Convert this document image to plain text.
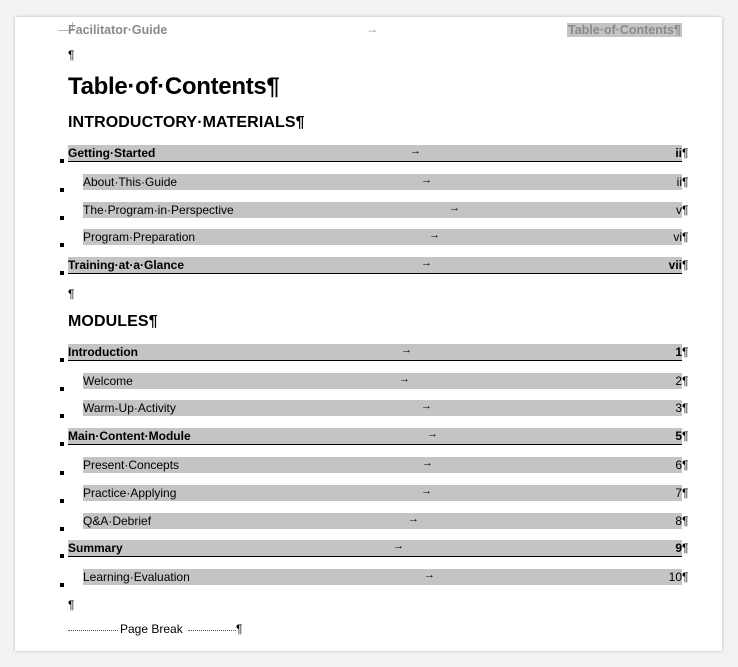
Facilitator·Guide	→	Table·of·Contents¶
¶
Table·of·Contents¶
INTRODUCTORY·MATERIALS¶
Getting·Started	→	ii ¶
About·This·Guide	→	ii ¶
The·Program·in·Perspective	→	v ¶
Program·Preparation	→	vi ¶
Training·at·a·Glance	→	vii ¶
¶
MODULES¶
Introduction	→	1 ¶
Welcome	→	2 ¶
Warm-Up·Activity	→	3 ¶
Main·Content·Module	→	5 ¶
Present·Concepts	→	6 ¶
Practice·Applying	→	7 ¶
Q&A·Debrief	→	8 ¶
Summary	→	9 ¶
Learning·Evaluation	→	10 ¶
¶
Page Break	¶
